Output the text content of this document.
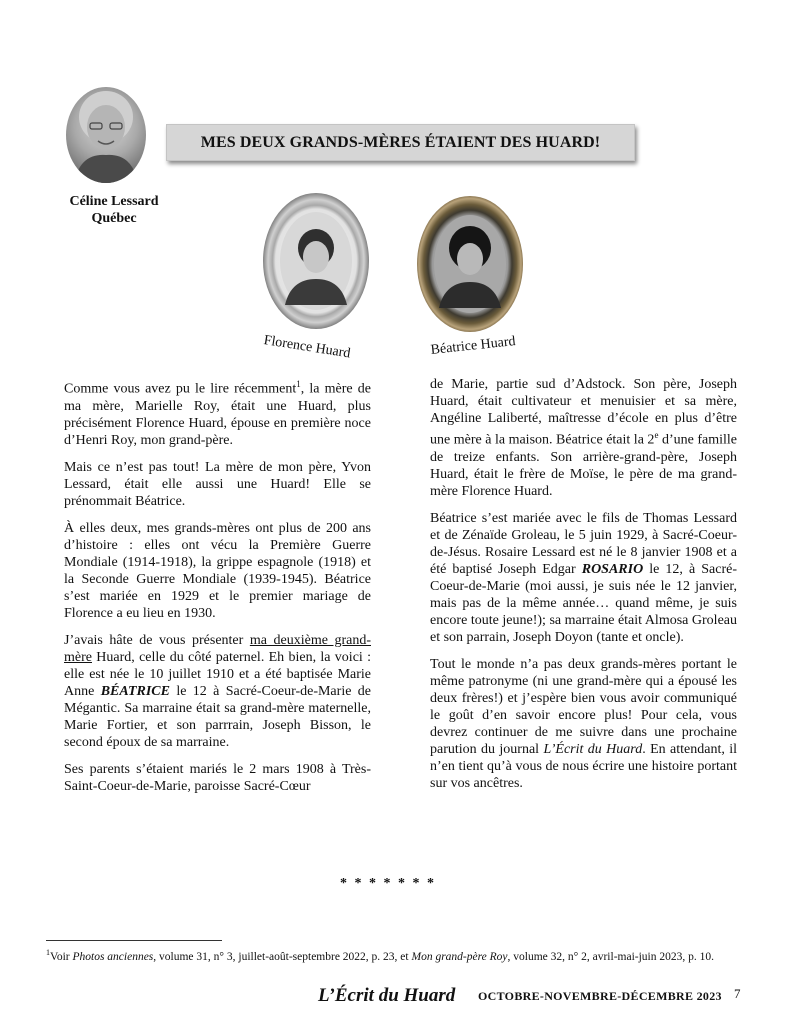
Céline Lessard
Québec
MES DEUX GRANDS-MÈRES ÉTAIENT DES HUARD!
Florence Huard	Béatrice Huard

Comme vous avez pu le lire récemment$^1$, la mère de ma mère, Marielle Roy, était une Huard, plus précisément Florence Huard, épouse en première noce d’Henri Roy, mon grand-père.

Mais ce n’est pas tout! La mère de mon père, Yvon Lessard, était elle aussi une Huard! Elle se prénommait Béatrice.

À elles deux, mes grands-mères ont plus de 200 ans d’histoire : elles ont vécu la Première Guerre Mondiale (1914-1918), la grippe espagnole (1918) et la Seconde Guerre Mondiale (1939-1945). Béatrice s’est mariée en 1929 et le premier mariage de Florence a eu lieu en 1930.

J’avais hâte de vous présenter ma deuxième grand-mère Huard, celle du côté paternel. Eh bien, la voici : elle est née le 10 juillet 1910 et a été baptisée Marie Anne BÉATRICE le 12 à Sacré-Coeur-de-Marie de Mégantic. Sa marraine était sa grand-mère maternelle, Marie Fortier, et son parrrain, Joseph Bisson, le second époux de sa marraine.

Ses parents s’étaient mariés le 2 mars 1908 à Très-Saint-Coeur-de-Marie, paroisse Sacré-Cœur

de Marie, partie sud d’Adstock. Son père, Joseph Huard, était cultivateur et menuisier et sa mère, Angéline Laliberté, maîtresse d’école en plus d’être une mère à la maison. Béatrice était la 2e d’une famille de treize enfants. Son arrière-grand-père, Joseph Huard, était le frère de Moïse, le père de ma grand-mère Florence Huard.

Béatrice s’est mariée avec le fils de Thomas Lessard et de Zénaïde Groleau, le 5 juin 1929, à Sacré-Coeur-de-Jésus. Rosaire Lessard est né le 8 janvier 1908 et a été baptisé Joseph Edgar ROSARIO le 12, à Sacré-Coeur-de-Marie (moi aussi, je suis née le 12 janvier, mais pas de la même année… quand même, je suis encore toute jeune!); sa marraine était Almosa Groleau et son parrain, Joseph Doyon (tante et oncle).

Tout le monde n’a pas deux grands-mères portant le même patronyme (ni une grand-mère qui a épousé les deux frères!) et j’espère bien vous avoir communiqué le goût d’en savoir encore plus! Pour cela, vous devrez continuer de me suivre dans une prochaine parution du journal L’Écrit du Huard. En attendant, il n’en tient qu’à vous de nous écrire une histoire portant sur vos ancêtres.

* * * * * * *
$^1$Voir Photos anciennes, volume 31, n° 3, juillet-août-septembre 2022, p. 23, et Mon grand-père Roy, volume 32, n° 2, avril-mai-juin 2023, p. 10.
L’Écrit du Huard OCTOBRE-NOVEMBRE-DÉCEMBRE 2023 7
